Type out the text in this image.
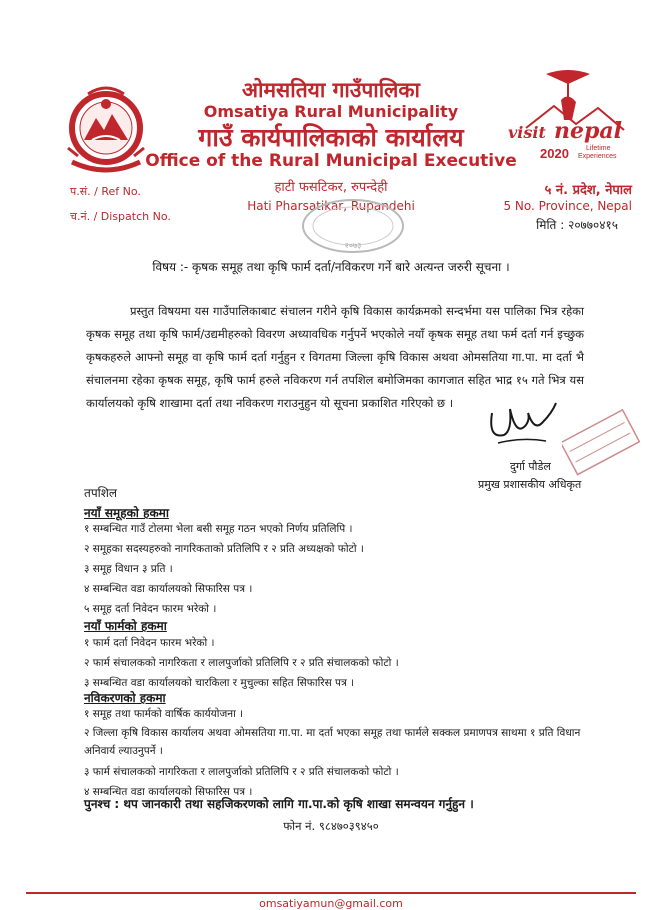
ओमसतिया गाउँपालिका
Omsatiya Rural Municipality
गाउँ कार्यपालिकाको कार्यालय
Office of the Rural Municipal Executive
हाटी फसटिकर, रुपन्देही
Hati Pharsatikar, Rupandehi
प.सं. / Ref No.
च.नं. / Dispatch No.
visit nepal
2020 Lifetime
Experiences
५ नं. प्रदेश, नेपाल
5 No. Province, Nepal
मिति : २०७७०४१५
२०७३
विषय :- कृषक समूह तथा कृषि फार्म दर्ता/नविकरण गर्ने बारे अत्यन्त जरुरी सूचना ।
प्रस्तुत विषयमा यस गाउँपालिकाबाट संचालन गरीने कृषि विकास कार्यक्रमको सन्दर्भमा यस पालिका भित्र रहेका कृषक समूह तथा कृषि फार्म/उद्यमीहरुको विवरण अध्यावधिक गर्नुपर्ने भएकोले नयाँ कृषक समूह तथा फर्म दर्ता गर्न इच्छुक कृषकहरुले आफ्नो समूह वा कृषि फार्म दर्ता गर्नुहुन र विगतमा जिल्ला कृषि विकास अथवा ओमसतिया गा.पा. मा दर्ता भै संचालनमा रहेका कृषक समूह, कृषि फार्म हरुले नविकरण गर्न तपशिल बमोजिमका कागजात सहित भाद्र १५ गते भित्र यस कार्यालयको कृषि शाखामा दर्ता तथा नविकरण गराउनुहुन यो सूचना प्रकाशित गरिएको छ ।
दुर्गा पौडेल
प्रमुख प्रशासकीय अधिकृत
तपशिल
नयाँ समूहको हकमा
१ सम्बन्धित गाउँ टोलमा भेला बसी समूह गठन भएको निर्णय प्रतिलिपि ।
२ समूहका सदस्यहरुको नागरिकताको प्रतिलिपि र २ प्रति अध्यक्षको फोटो ।
३ समूह विधान ३ प्रति ।
४ सम्बन्धित वडा कार्यालयको सिफारिस पत्र ।
५ समूह दर्ता निवेदन फारम भरेको ।
नयाँ फार्मको हकमा
१ फार्म दर्ता निवेदन फारम भरेको ।
२ फार्म संचालकको नागरिकता र लालपुर्जाको प्रतिलिपि र २ प्रति संचालकको फोटो ।
३ सम्बन्धित वडा कार्यालयको चारकिला र मुचुल्का सहित सिफारिस पत्र ।
नविकरणको हकमा
१ समूह तथा फार्मको वार्षिक कार्ययोजना ।
२ जिल्ला कृषि विकास कार्यालय अथवा ओमसतिया गा.पा. मा दर्ता भएका समूह तथा फार्मले सक्कल प्रमाणपत्र साथमा १ प्रति विधान अनिवार्य ल्याउनुपर्ने ।
३ फार्म संचालकको नागरिकता र लालपुर्जाको प्रतिलिपि र २ प्रति संचालकको फोटो ।
४ सम्बन्धित वडा कार्यालयको सिफारिस पत्र ।
पुनश्च : थप जानकारी तथा सहजिकरणको लागि गा.पा.को कृषि शाखा समन्वयन गर्नुहुन ।
फोन नं. ९८४७०३९४५०
omsatiyamun@gmail.com
